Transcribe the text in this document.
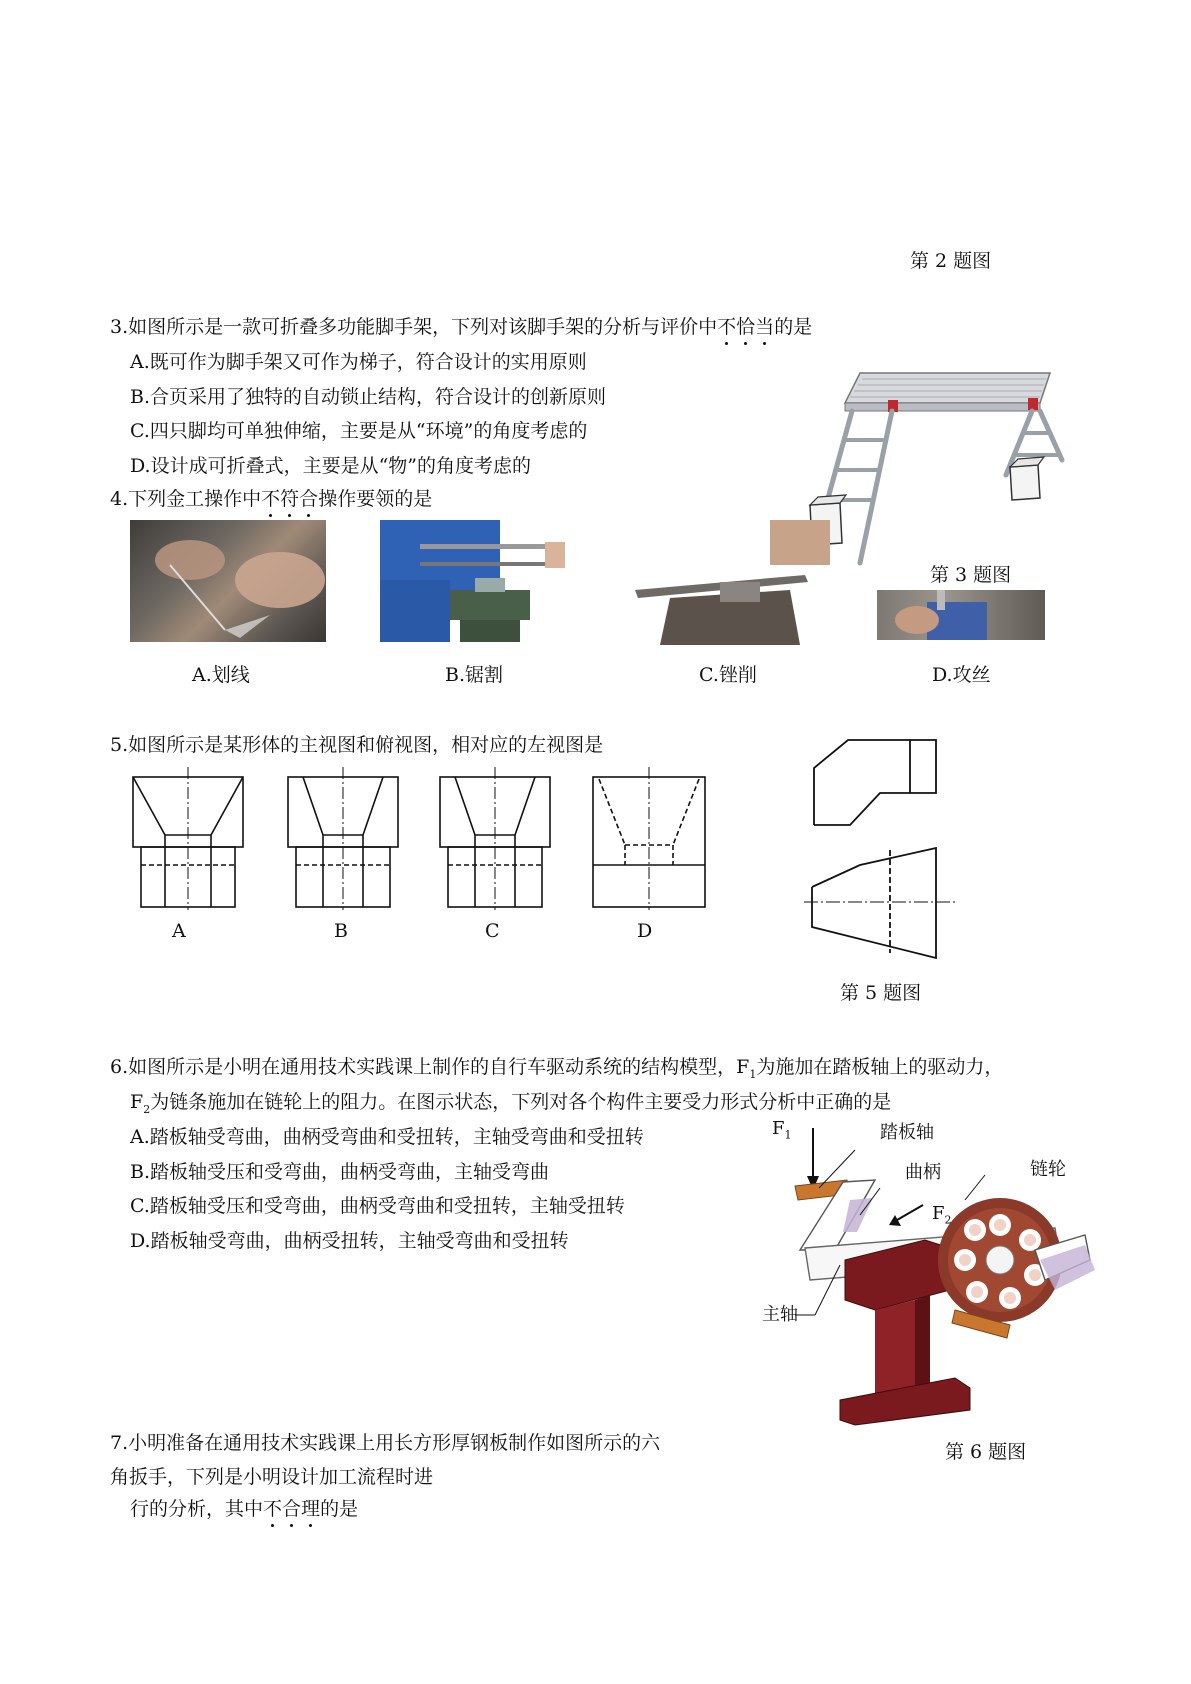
第 2 题图
3.如图所示是一款可折叠多功能脚手架，下列对该脚手架的分析与评价中不恰当的是
A.既可作为脚手架又可作为梯子，符合设计的实用原则
B.合页采用了独特的自动锁止结构，符合设计的创新原则
C.四只脚均可单独伸缩，主要是从“环境”的角度考虑的
D.设计成可折叠式，主要是从“物”的角度考虑的
4.下列金工操作中不符合操作要领的是
第 3 题图
A.划线	B.锯割	C.锉削	D.攻丝
5.如图所示是某形体的主视图和俯视图，相对应的左视图是
A	B	C	D
第 5 题图
6.如图所示是小明在通用技术实践课上制作的自行车驱动系统的结构模型，$F_1$为施加在踏板轴上的驱动力，
$F_2$为链条施加在链轮上的阻力。在图示状态，下列对各个构件主要受力形式分析中正确的是
A.踏板轴受弯曲，曲柄受弯曲和受扭转，主轴受弯曲和受扭转
B.踏板轴受压和受弯曲，曲柄受弯曲，主轴受弯曲
C.踏板轴受压和受弯曲，曲柄受弯曲和受扭转，主轴受扭转
D.踏板轴受弯曲，曲柄受扭转，主轴受弯曲和受扭转
$F_1$	踏板轴
曲柄	链轮
$F_2$
主轴
第 6 题图
7.小明准备在通用技术实践课上用长方形厚钢板制作如图所示的六
角扳手，下列是小明设计加工流程时进
行的分析，其中不合理的是
